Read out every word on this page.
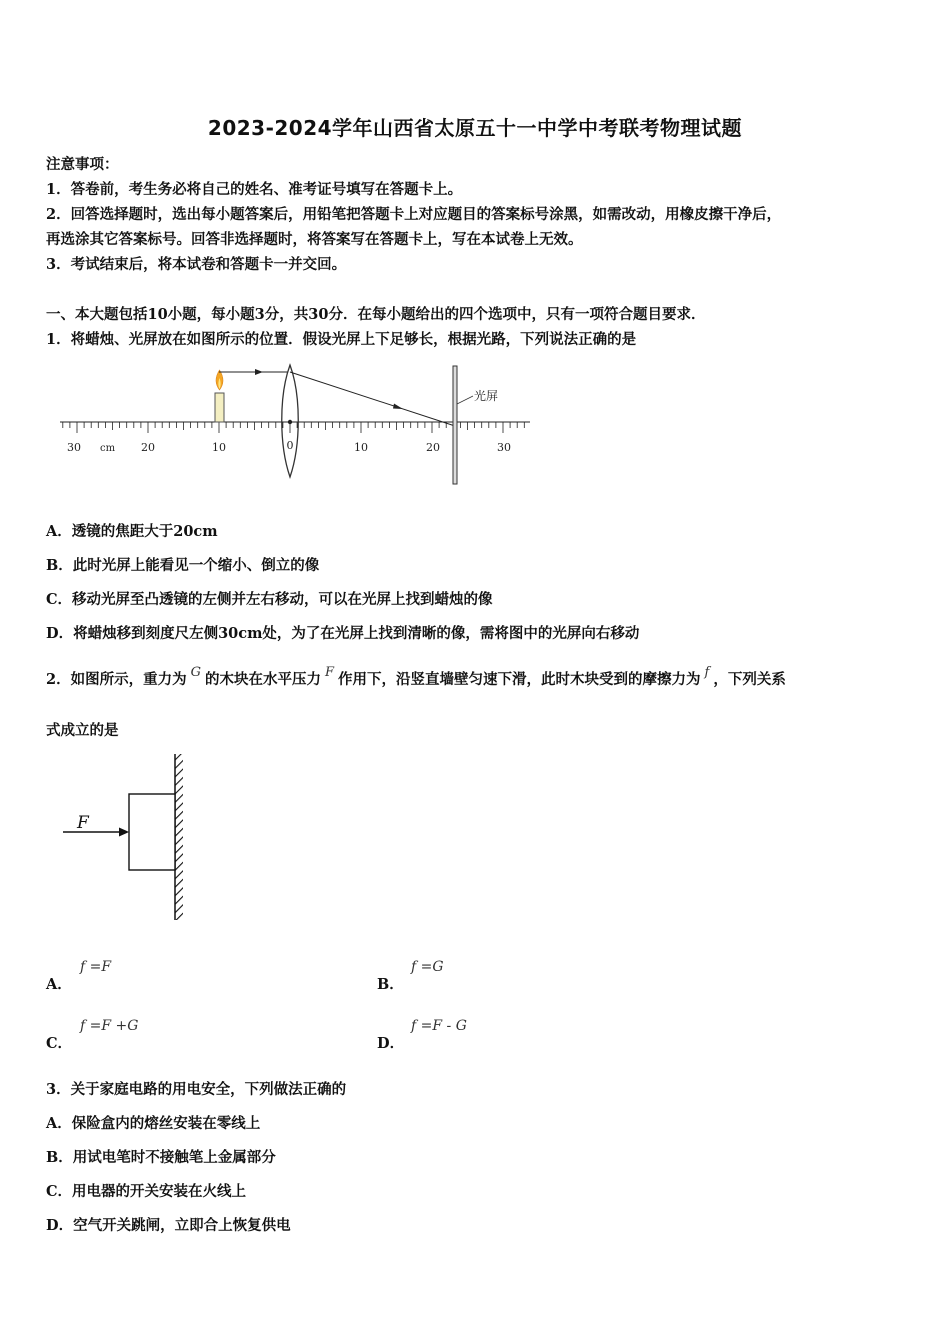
2023-2024学年山西省太原五十一中学中考联考物理试题
注意事项：
1．答卷前，考生务必将自己的姓名、准考证号填写在答题卡上。
2．回答选择题时，选出每小题答案后，用铅笔把答题卡上对应题目的答案标号涂黑，如需改动，用橡皮擦干净后，
再选涂其它答案标号。回答非选择题时，将答案写在答题卡上，写在本试卷上无效。
3．考试结束后，将本试卷和答题卡一并交回。
一、本大题包括10小题，每小题3分，共30分．在每小题给出的四个选项中，只有一项符合题目要求．
1．将蜡烛、光屏放在如图所示的位置．假设光屏上下足够长，根据光路，下列说法正确的是
光屏
30 cm 20	10	0	10	20	30
A．透镜的焦距大于20cm
B．此时光屏上能看见一个缩小、倒立的像
C．移动光屏至凸透镜的左侧并左右移动，可以在光屏上找到蜡烛的像
D．将蜡烛移到刻度尺左侧30cm处，为了在光屏上找到清晰的像，需将图中的光屏向右移动
2．如图所示，重力为 G 的木块在水平压力 F 作用下，沿竖直墙壁匀速下滑，此时木块受到的摩擦力为 f ，下列关系
式成立的是
F
A．
f =F
B．
f =G
C．
f =F +G
D．
f =F - G
3．关于家庭电路的用电安全，下列做法正确的
A．保险盒内的熔丝安装在零线上
B．用试电笔时不接触笔上金属部分
C．用电器的开关安装在火线上
D．空气开关跳闸，立即合上恢复供电
